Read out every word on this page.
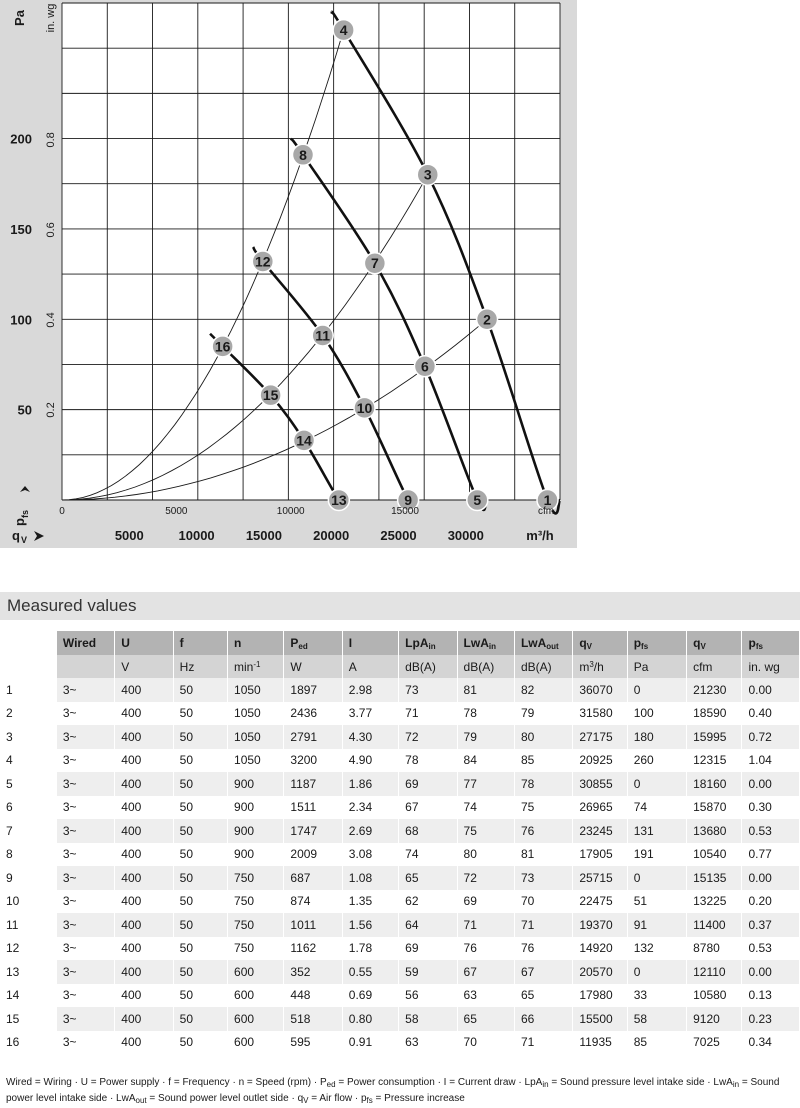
1
2
3
4
5
6
7
8
9
10
11
12
13
14
15
16
50
100
150
200
Pa
0.2
0.4
0.6
0.8
in. wg
p
fs	0	5000	10000	15000	cfm
5000	10000 15000 20000 25000 30000	m³/h
q V
Measured values
	Wired	U	f	n	$P_{ed}$	I	LpA$_{in}$	LwA$_{in}$	LwA$_{out}$	$q_V$	$p_{fs}$	$q_V$	$p_{fs}$
		V	Hz	$\min^{-1}$	W	A	dB(A)	dB(A)	dB(A)	$m^3/h$	Pa	cfm	in. wg
1	3~	400	50	1050	1897	2.98	73	81	82	36070	0	21230	0.00
2	3~	400	50	1050	2436	3.77	71	78	79	31580	100	18590	0.40
3	3~	400	50	1050	2791	4.30	72	79	80	27175	180	15995	0.72
4	3~	400	50	1050	3200	4.90	78	84	85	20925	260	12315	1.04
5	3~	400	50	900	1187	1.86	69	77	78	30855	0	18160	0.00
6	3~	400	50	900	1511	2.34	67	74	75	26965	74	15870	0.30
7	3~	400	50	900	1747	2.69	68	75	76	23245	131	13680	0.53
8	3~	400	50	900	2009	3.08	74	80	81	17905	191	10540	0.77
9	3~	400	50	750	687	1.08	65	72	73	25715	0	15135	0.00
10	3~	400	50	750	874	1.35	62	69	70	22475	51	13225	0.20
11	3~	400	50	750	1011	1.56	64	71	71	19370	91	11400	0.37
12	3~	400	50	750	1162	1.78	69	76	76	14920	132	8780	0.53
13	3~	400	50	600	352	0.55	59	67	67	20570	0	12110	0.00
14	3~	400	50	600	448	0.69	56	63	65	17980	33	10580	0.13
15	3~	400	50	600	518	0.80	58	65	66	15500	58	9120	0.23
16	3~	400	50	600	595	0.91	63	70	71	11935	85	7025	0.34
Wired = Wiring · U = Power supply · f = Frequency · n = Speed $(rpm) \cdot P_{ed}$ = Power consumption · I = Current draw · LpA$_{in}$ = Sound pressure level intake side · LwA$_{in}$ = Sound power level intake side · LwA$_{out}$ = Sound power level outlet side · $q_V$ = Air flow · $p_{fs}$ = Pressure increase
